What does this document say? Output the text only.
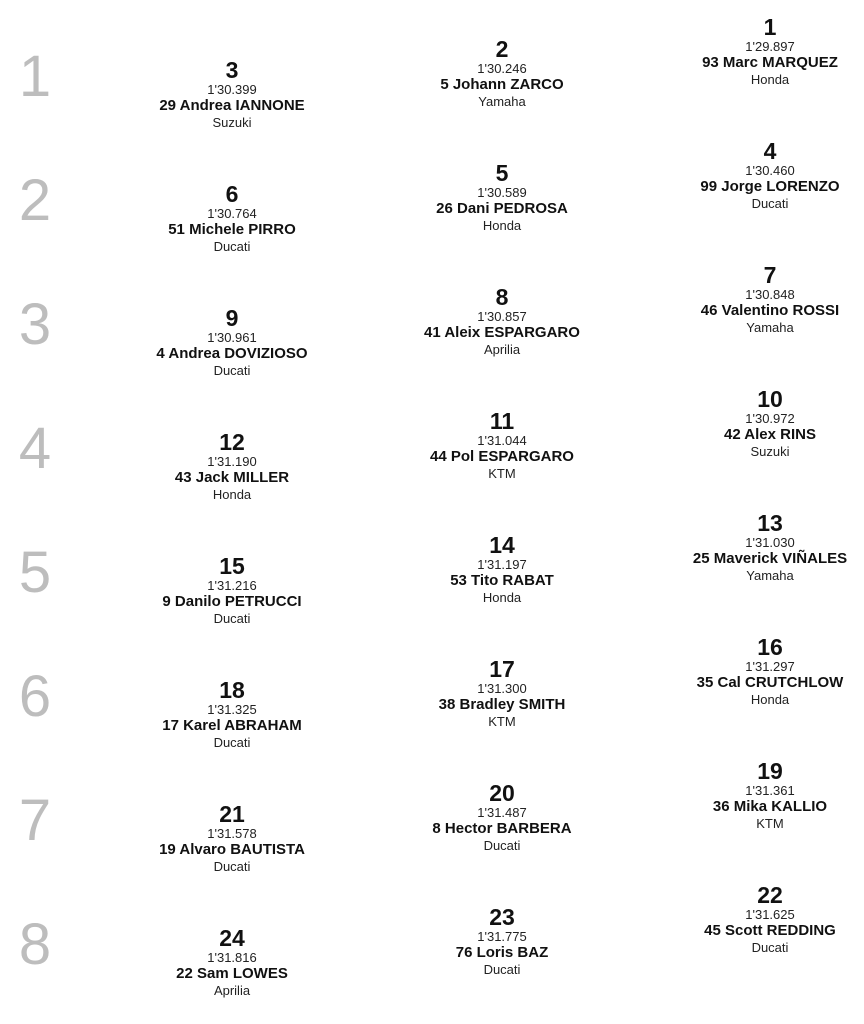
1	3
1'30.399
29 Andrea IANNONE
Suzuki
2
1'30.246
5 Johann ZARCO
Yamaha
1
1'29.897
93 Marc MARQUEZ
Honda
2	6
1'30.764
51 Michele PIRRO
Ducati
5
1'30.589
26 Dani PEDROSA
Honda
4
1'30.460
99 Jorge LORENZO
Ducati
3	9
1'30.961
4 Andrea DOVIZIOSO
Ducati
8
1'30.857
41 Aleix ESPARGARO
Aprilia
7
1'30.848
46 Valentino ROSSI
Yamaha
4	12
1'31.190
43 Jack MILLER
Honda
11
1'31.044
44 Pol ESPARGARO
KTM
10
1'30.972
42 Alex RINS
Suzuki
5	15
1'31.216
9 Danilo PETRUCCI
Ducati
14
1'31.197
53 Tito RABAT
Honda
13
1'31.030
25 Maverick VIÑALES
Yamaha
6	18
1'31.325
17 Karel ABRAHAM
Ducati
17
1'31.300
38 Bradley SMITH
KTM
16
1'31.297
35 Cal CRUTCHLOW
Honda
7	21
1'31.578
19 Alvaro BAUTISTA
Ducati
20
1'31.487
8 Hector BARBERA
Ducati
19
1'31.361
36 Mika KALLIO
KTM
8	24
1'31.816
22 Sam LOWES
Aprilia
23
1'31.775
76 Loris BAZ
Ducati
22
1'31.625
45 Scott REDDING
Ducati
